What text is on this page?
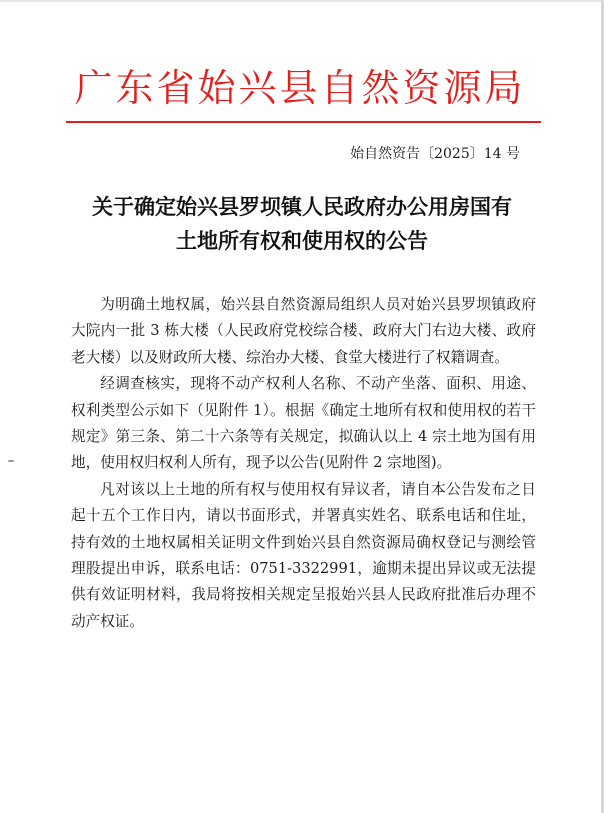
广东省始兴县自然资源局
始自然资告〔2025〕14 号
关于确定始兴县罗坝镇人民政府办公用房国有
土地所有权和使用权的公告

为明确土地权属，始兴县自然资源局组织人员对始兴县罗坝镇政府大院内一批 3 栋大楼（人民政府党校综合楼、政府大门右边大楼、政府老大楼）以及财政所大楼、综治办大楼、食堂大楼进行了权籍调查。

经调查核实，现将不动产权利人名称、不动产坐落、面积、用途、权利类型公示如下（见附件 1）。根据《确定土地所有权和使用权的若干规定》第三条、第二十六条等有关规定，拟确认以上 4 宗土地为国有用地，使用权归权利人所有，现予以公告(见附件 2 宗地图)。

凡对该以上土地的所有权与使用权有异议者，请自本公告发布之日起十五个工作日内，请以书面形式，并署真实姓名、联系电话和住址，持有效的土地权属相关证明文件到始兴县自然资源局确权登记与测绘管理股提出申诉，联系电话：0751-3322991，逾期未提出异议或无法提供有效证明材料，我局将按相关规定呈报始兴县人民政府批准后办理不动产权证。
